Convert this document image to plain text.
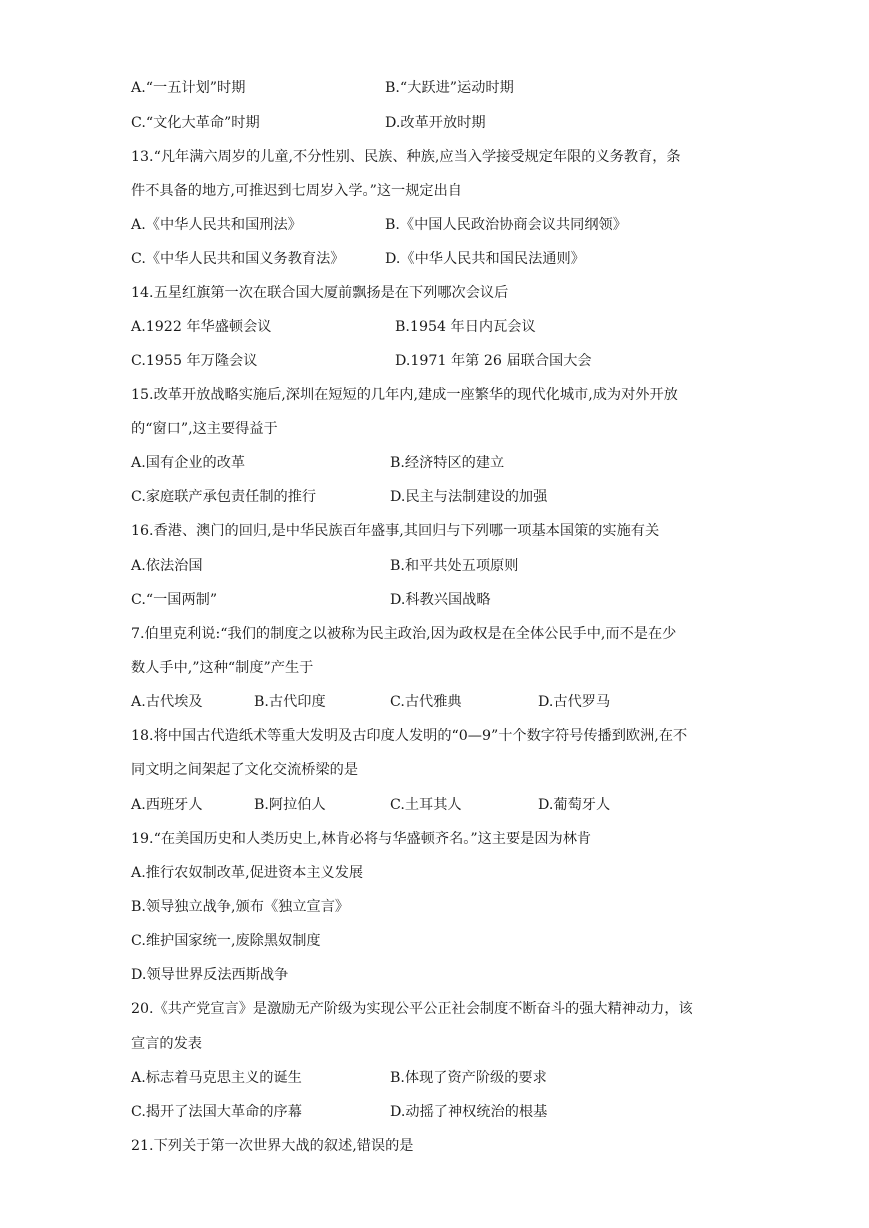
A.“一五计划”时期	B.“大跃进”运动时期
C.“文化大革命”时期	D.改革开放时期
13.“凡年满六周岁的儿童,不分性别、民族、种族,应当入学接受规定年限的义务教育，条
件不具备的地方,可推迟到七周岁入学。”这一规定出自
A.《中华人民共和国刑法》	B.《中国人民政治协商会议共同纲领》
C.《中华人民共和国义务教育法》	D.《中华人民共和国民法通则》
14.五星红旗第一次在联合国大厦前飘扬是在下列哪次会议后
A.1922 年华盛顿会议	B.1954 年日内瓦会议
C.1955 年万隆会议	D.1971 年第 26 届联合国大会
15.改革开放战略实施后,深圳在短短的几年内,建成一座繁华的现代化城市,成为对外开放
的“窗口”,这主要得益于
A.国有企业的改革	B.经济特区的建立
C.家庭联产承包责任制的推行	D.民主与法制建设的加强
16.香港、澳门的回归,是中华民族百年盛事,其回归与下列哪一项基本国策的实施有关
A.依法治国	B.和平共处五项原则
C.“一国两制”	D.科教兴国战略
7.伯里克利说:“我们的制度之以被称为民主政治,因为政权是在全体公民手中,而不是在少
数人手中,”这种“制度”产生于
A.古代埃及	B.古代印度	C.古代雅典	D.古代罗马
18.将中国古代造纸术等重大发明及古印度人发明的“0—9”十个数字符号传播到欧洲,在不
同文明之间架起了文化交流桥梁的是
A.西班牙人	B.阿拉伯人	C.土耳其人	D.葡萄牙人
19.“在美国历史和人类历史上,林肯必将与华盛顿齐名。”这主要是因为林肯
A.推行农奴制改革,促进资本主义发展
B.领导独立战争,颁布《独立宣言》
C.维护国家统一,废除黑奴制度
D.领导世界反法西斯战争
20.《共产党宣言》是激励无产阶级为实现公平公正社会制度不断奋斗的强大精神动力，该
宣言的发表
A.标志着马克思主义的诞生	B.体现了资产阶级的要求
C.揭开了法国大革命的序幕	D.动摇了神权统治的根基
21.下列关于第一次世界大战的叙述,错误的是
